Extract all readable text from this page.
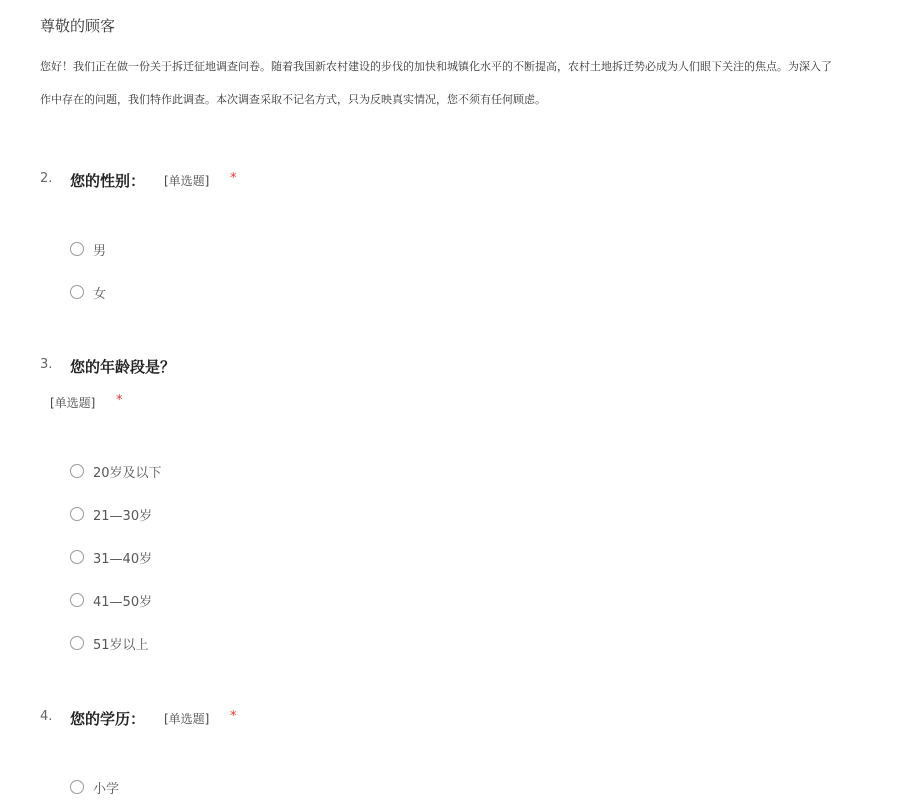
尊敬的顾客
您好！我们正在做一份关于拆迁征地调查问卷。随着我国新农村建设的步伐的加快和城镇化水平的不断提高，农村土地拆迁势必成为人们眼下关注的焦点。为深入了
作中存在的问题，我们特作此调查。本次调查采取不记名方式，只为反映真实情况，您不须有任何顾虑。
2. 您的性别： [单选题] *
男
女
3. 您的年龄段是？
[单选题] *
20岁及以下
21—30岁
31—40岁
41—50岁
51岁以上
4. 您的学历： [单选题] *
小学
